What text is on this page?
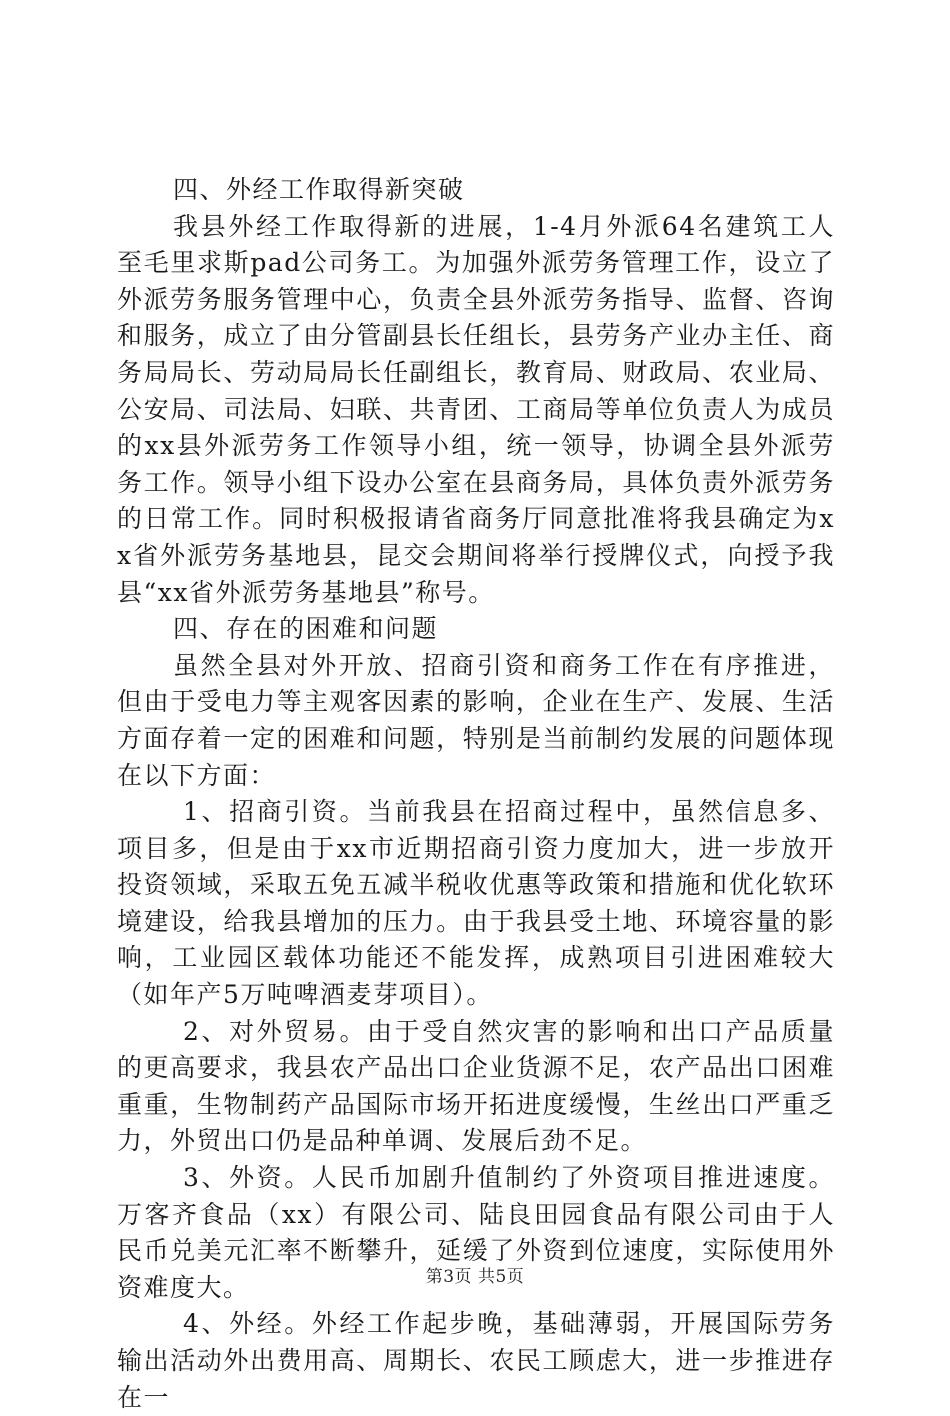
四、外经工作取得新突破

我县外经工作取得新的进展，1-4月外派64名建筑工人至毛里求斯pad公司务工。为加强外派劳务管理工作，设立了外派劳务服务管理中心，负责全县外派劳务指导、监督、咨询和服务，成立了由分管副县长任组长，县劳务产业办主任、商务局局长、劳动局局长任副组长，教育局、财政局、农业局、公安局、司法局、妇联、共青团、工商局等单位负责人为成员的xx县外派劳务工作领导小组，统一领导，协调全县外派劳务工作。领导小组下设办公室在县商务局，具体负责外派劳务的日常工作。同时积极报请省商务厅同意批准将我县确定为xx省外派劳务基地县，昆交会期间将举行授牌仪式，向授予我县“xx省外派劳务基地县”称号。

四、存在的困难和问题

虽然全县对外开放、招商引资和商务工作在有序推进，但由于受电力等主观客因素的影响，企业在生产、发展、生活方面存着一定的困难和问题，特别是当前制约发展的问题体现在以下方面：

1、招商引资。当前我县在招商过程中，虽然信息多、项目多，但是由于xx市近期招商引资力度加大，进一步放开投资领域，采取五免五减半税收优惠等政策和措施和优化软环境建设，给我县增加的压力。由于我县受土地、环境容量的影响，工业园区载体功能还不能发挥，成熟项目引进困难较大（如年产5万吨啤酒麦芽项目）。

2、对外贸易。由于受自然灾害的影响和出口产品质量的更高要求，我县农产品出口企业货源不足，农产品出口困难重重，生物制药产品国际市场开拓进度缓慢，生丝出口严重乏力，外贸出口仍是品种单调、发展后劲不足。

3、外资。人民币加剧升值制约了外资项目推进速度。万客齐食品（xx）有限公司、陆良田园食品有限公司由于人民币兑美元汇率不断攀升，延缓了外资到位速度，实际使用外资难度大。

4、外经。外经工作起步晚，基础薄弱，开展国际劳务输出活动外出费用高、周期长、农民工顾虑大，进一步推进存在一

第3页 共5页
